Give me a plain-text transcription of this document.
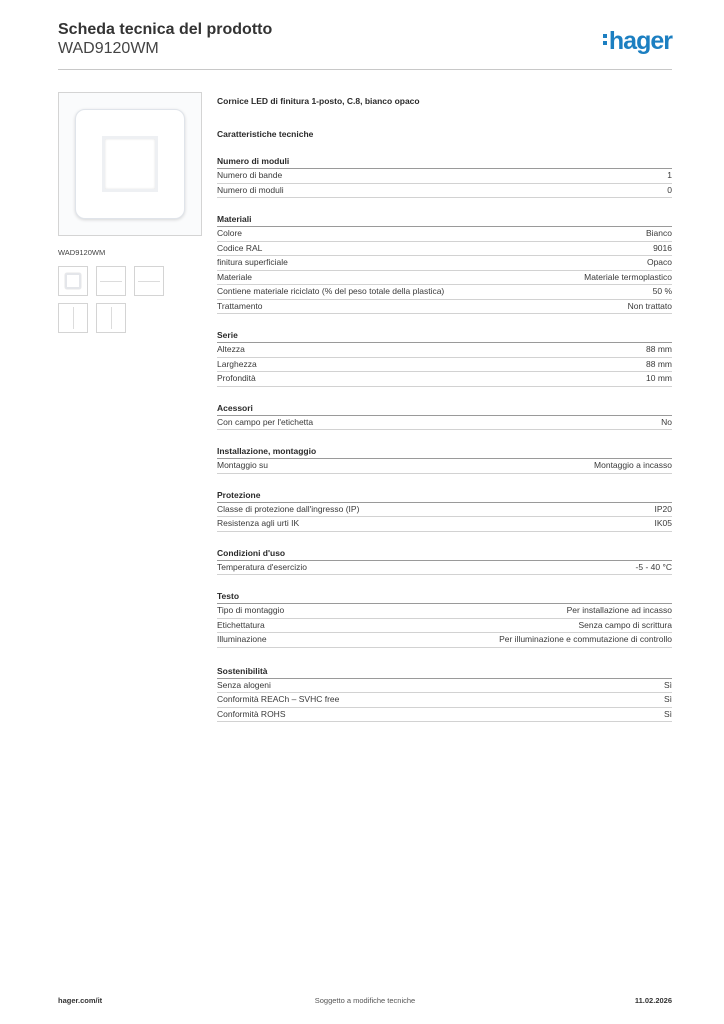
Scheda tecnica del prodotto
WAD9120WM	hager
WAD9120WM
Cornice LED di finitura 1-posto, C.8, bianco opaco
Caratteristiche tecniche
Numero di moduli
Numero di bande	1
Numero di moduli	0
Materiali
Colore	Bianco
Codice RAL	9016
finitura superficiale	Opaco
Materiale	Materiale termoplastico
Contiene materiale riciclato (% del peso totale della plastica)	50 %
Trattamento	Non trattato
Serie
Altezza	88 mm
Larghezza	88 mm
Profondità	10 mm
Acessori
Con campo per l'etichetta	No
Installazione, montaggio
Montaggio su	Montaggio a incasso
Protezione
Classe di protezione dall'ingresso (IP)	IP20
Resistenza agli urti IK	IK05
Condizioni d'uso
Temperatura d'esercizio	-5 - 40 °C
Testo
Tipo di montaggio	Per installazione ad incasso
Etichettatura	Senza campo di scrittura
Illuminazione	Per illuminazione e commutazione di controllo
Sostenibilità
Senza alogeni	Sì
Conformità REACh – SVHC free	Sì
Conformità ROHS	Sì
hager.com/it	Soggetto a modifiche tecniche	11.02.2026
